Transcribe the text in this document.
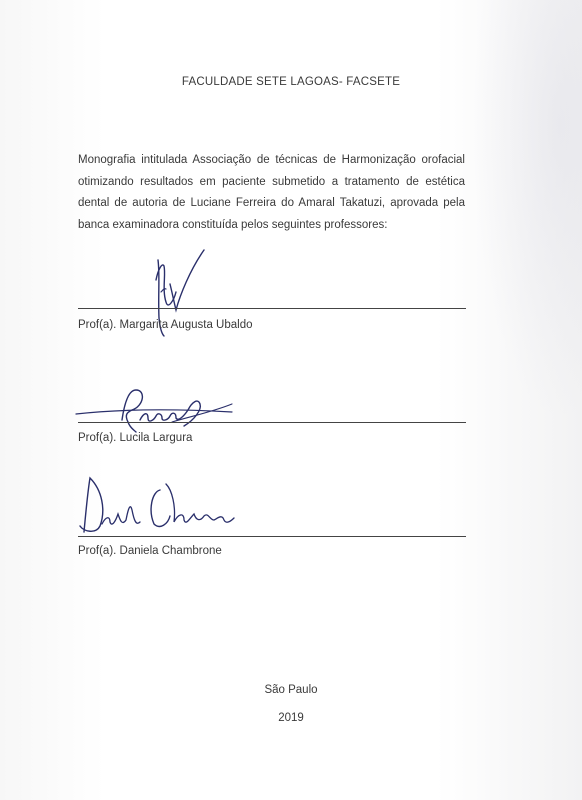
FACULDADE SETE LAGOAS- FACSETE
Monografia intitulada Associação de técnicas de Harmonização orofacial otimizando resultados em paciente submetido a tratamento de estética dental de autoria de Luciane Ferreira do Amaral Takatuzi, aprovada pela banca examinadora constituída pelos seguintes professores:
Prof(a). Margarita Augusta Ubaldo
Prof(a). Lucila Largura
Prof(a). Daniela Chambrone
São Paulo
2019
